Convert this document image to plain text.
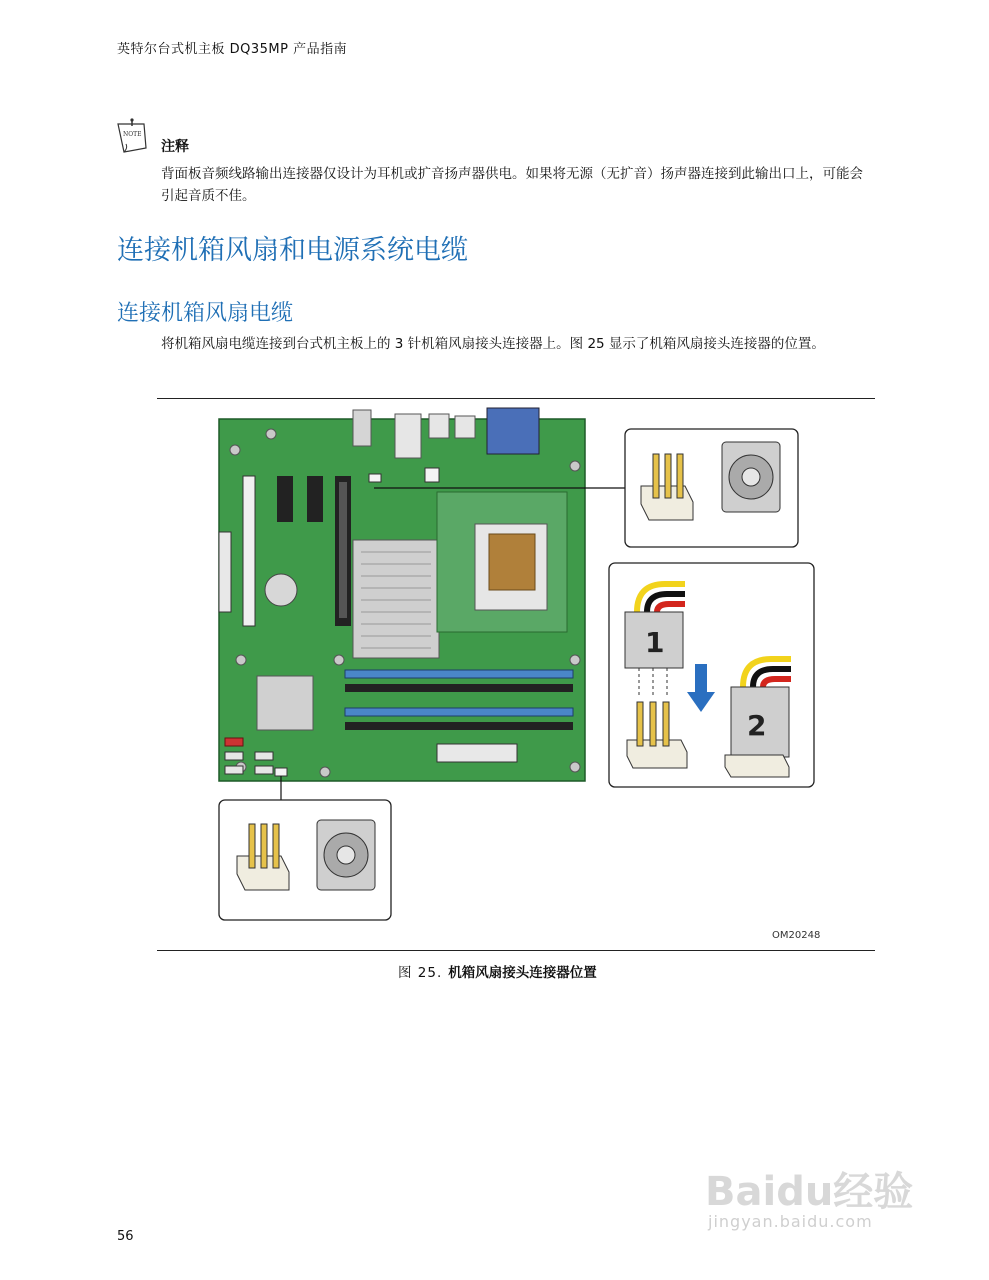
英特尔台式机主板 DQ35MP 产品指南
NOTE
注释
背面板音频线路输出连接器仅设计为耳机或扩音扬声器供电。如果将无源（无扩音）扬声器连接到此输出口上，可能会引起音质不佳。
连接机箱风扇和电源系统电缆
连接机箱风扇电缆
将机箱风扇电缆连接到台式机主板上的 3 针机箱风扇接头连接器上。图 25 显示了机箱风扇接头连接器的位置。
1
2
OM20248
图 25. 机箱风扇接头连接器位置
Baidu经验
jingyan.baidu.com
56
